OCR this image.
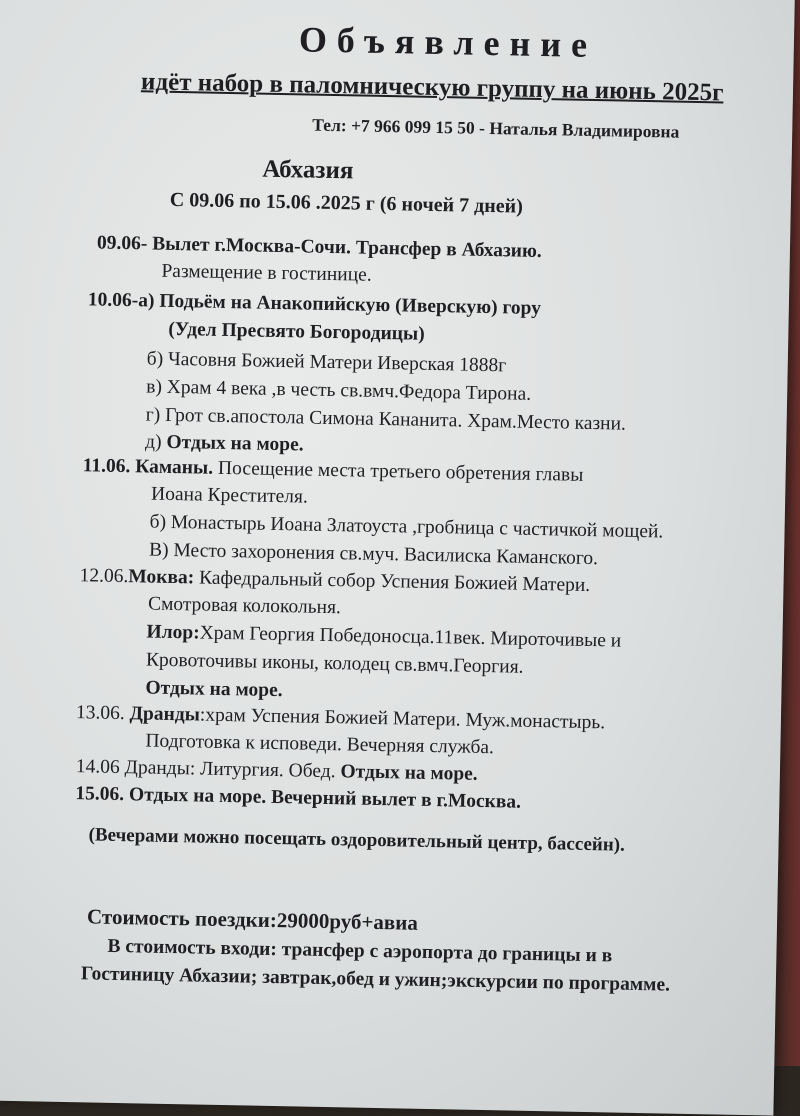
Объявление
идёт набор в паломническую группу на июнь 2025г
Тел: +7 966 099 15 50 - Наталья Владимировна
Абхазия
С 09.06 по 15.06 .2025 г (6 ночей 7 дней)
09.06- Вылет г.Москва-Сочи. Трансфер в Абхазию.
Размещение в гостинице.
10.06-а) Подьём на Анакопийскую (Иверскую) гору
(Удел Пресвято Богородицы)
б) Часовня Божией Матери Иверская 1888г
в) Храм 4 века ,в честь св.вмч.Федора Тирона.
г) Грот св.апостола Симона Кананита. Храм.Место казни.
д) Отдых на море.
11.06. Каманы. Посещение места третьего обретения главы
Иоана Крестителя.
б) Монастырь Иоана Златоуста ,гробница с частичкой мощей.
В) Место захоронения св.муч. Василиска Каманского.
12.06.Моква: Кафедральный собор Успения Божией Матери.
Смотровая колокольня.
Илор:Храм Георгия Победоносца.11век. Мироточивые и
Кровоточивы иконы, колодец св.вмч.Георгия.
Отдых на море.
13.06. Дранды:храм Успения Божией Матери. Муж.монастырь.
Подготовка к исповеди. Вечерняя служба.
14.06 Дранды: Литургия. Обед. Отдых на море.
15.06. Отдых на море. Вечерний вылет в г.Москва.
(Вечерами можно посещать оздоровительный центр, бассейн).
Стоимость поездки:29000руб+авиа
В стоимость входи: трансфер с аэропорта до границы и в Гостиницу Абхазии; завтрак,обед и ужин;экскурсии по программе.
